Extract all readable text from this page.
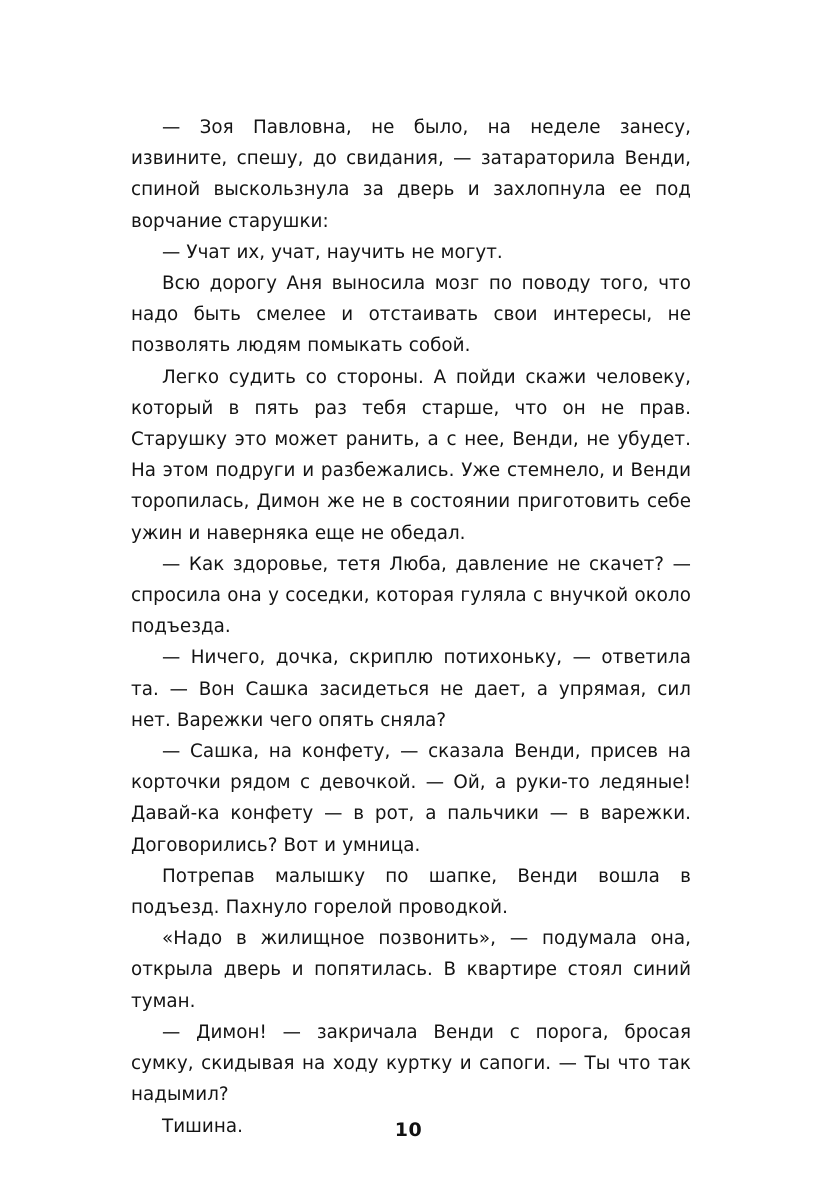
— Зоя Павловна, не было, на неделе занесу, извините, спешу, до свидания, — затараторила Венди, спиной выскользнула за дверь и захлопнула ее под ворчание старушки:

— Учат их, учат, научить не могут.

Всю дорогу Аня выносила мозг по поводу того, что надо быть смелее и отстаивать свои интересы, не позволять людям помыкать собой.

Легко судить со стороны. А пойди скажи человеку, который в пять раз тебя старше, что он не прав. Старушку это может ранить, а с нее, Венди, не убудет. На этом подруги и разбежались. Уже стемнело, и Венди торопилась, Димон же не в состоянии приготовить себе ужин и наверняка еще не обедал.

— Как здоровье, тетя Люба, давление не скачет? — спросила она у соседки, которая гуляла с внучкой около подъезда.

— Ничего, дочка, скриплю потихоньку, — ответила та. — Вон Сашка засидеться не дает, а упрямая, сил нет. Варежки чего опять сняла?

— Сашка, на конфету, — сказала Венди, присев на корточки рядом с девочкой. — Ой, а руки-то ледяные! Давай-ка конфету — в рот, а пальчики — в варежки. Договорились? Вот и умница.

Потрепав малышку по шапке, Венди вошла в подъезд. Пахнуло горелой проводкой.

«Надо в жилищное позвонить», — подумала она, открыла дверь и попятилась. В квартире стоял синий туман.

— Димон! — закричала Венди с порога, бросая сумку, скидывая на ходу куртку и сапоги. — Ты что так надымил?

Тишина.	10
